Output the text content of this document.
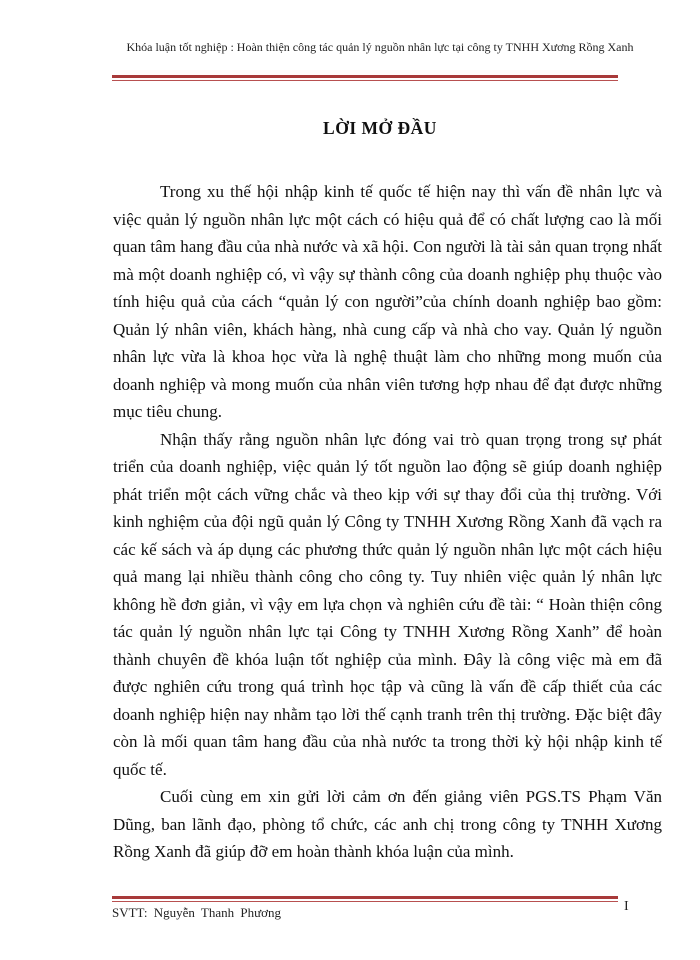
Khóa luận tốt nghiệp : Hoàn thiện công tác quản lý nguồn nhân lực tại công ty TNHH Xương Rồng Xanh
LỜI MỞ ĐẦU

Trong xu thế hội nhập kinh tế quốc tế hiện nay thì vấn đề nhân lực và việc quản lý nguồn nhân lực một cách có hiệu quả để có chất lượng cao là mối quan tâm hang đầu của nhà nước và xã hội. Con người là tài sản quan trọng nhất mà một doanh nghiệp có, vì vậy sự thành công của doanh nghiệp phụ thuộc vào tính hiệu quả của cách “quản lý con người”của chính doanh nghiệp bao gồm: Quản lý nhân viên, khách hàng, nhà cung cấp và nhà cho vay. Quản lý nguồn nhân lực vừa là khoa học vừa là nghệ thuật làm cho những mong muốn của doanh nghiệp và mong muốn của nhân viên tương hợp nhau để đạt được những mục tiêu chung.

Nhận thấy rằng nguồn nhân lực đóng vai trò quan trọng trong sự phát triển của doanh nghiệp, việc quản lý tốt nguồn lao động sẽ giúp doanh nghiệp phát triển một cách vững chắc và theo kịp với sự thay đổi của thị trường. Với kinh nghiệm của đội ngũ quản lý Công ty TNHH Xương Rồng Xanh đã vạch ra các kế sách và áp dụng các phương thức quản lý nguồn nhân lực một cách hiệu quả mang lại nhiều thành công cho công ty. Tuy nhiên việc quản lý nhân lực không hề đơn giản, vì vậy em lựa chọn và nghiên cứu đề tài: “ Hoàn thiện công tác quản lý nguồn nhân lực tại Công ty TNHH Xương Rồng Xanh” để hoàn thành chuyên đề khóa luận tốt nghiệp của mình. Đây là công việc mà em đã được nghiên cứu trong quá trình học tập và cũng là vấn đề cấp thiết của các doanh nghiệp hiện nay nhằm tạo lời thế cạnh tranh trên thị trường. Đặc biệt đây còn là mối quan tâm hang đầu của nhà nước ta trong thời kỳ hội nhập kinh tế quốc tế.

Cuối cùng em xin gửi lời cảm ơn đến giảng viên PGS.TS Phạm Văn Dũng, ban lãnh đạo, phòng tổ chức, các anh chị trong công ty TNHH Xương Rồng Xanh đã giúp đỡ em hoàn thành khóa luận của mình.

SVTT: Nguyễn Thanh Phương	I
